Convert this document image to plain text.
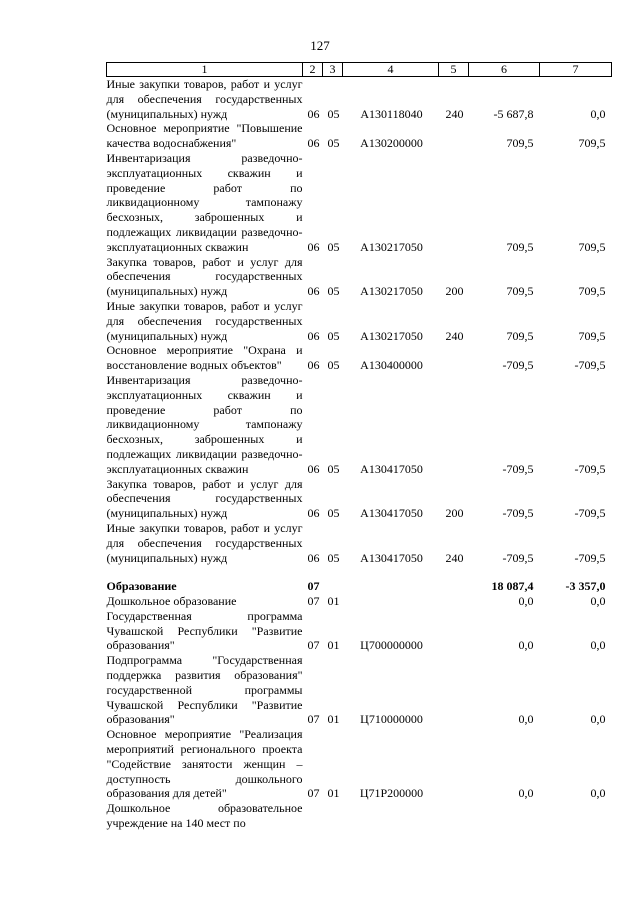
127
1	2	3	4	5	6	7
Иные закупки товаров, работ и услуг для обеспечения государственных (муниципальных) нужд	06	05	А130118040	240	-5 687,8	0,0
Основное мероприятие "Повышение качества водоснабжения"	06	05	А130200000		709,5	709,5
Инвентаризация разведочно-эксплуатационных скважин и проведение работ по ликвидационному тампонажу бесхозных, заброшенных и подлежащих ликвидации разведочно-эксплуатационных скважин	06	05	А130217050		709,5	709,5
Закупка товаров, работ и услуг для обеспечения государственных (муниципальных) нужд	06	05	А130217050	200	709,5	709,5
Иные закупки товаров, работ и услуг для обеспечения государственных (муниципальных) нужд	06	05	А130217050	240	709,5	709,5
Основное мероприятие "Охрана и восстановление водных объектов"	06	05	А130400000		-709,5	-709,5
Инвентаризация разведочно-эксплуатационных скважин и проведение работ по ликвидационному тампонажу бесхозных, заброшенных и подлежащих ликвидации разведочно-эксплуатационных скважин	06	05	А130417050		-709,5	-709,5
Закупка товаров, работ и услуг для обеспечения государственных (муниципальных) нужд	06	05	А130417050	200	-709,5	-709,5
Иные закупки товаров, работ и услуг для обеспечения государственных (муниципальных) нужд	06	05	А130417050	240	-709,5	-709,5

Образование	07				18 087,4	-3 357,0
Дошкольное образование	07	01			0,0	0,0
Государственная программа Чувашской Республики "Развитие образования"	07	01	Ц700000000		0,0	0,0
Подпрограмма "Государственная поддержка развития образования" государственной программы Чувашской Республики "Развитие образования"	07	01	Ц710000000		0,0	0,0
Основное мероприятие "Реализация мероприятий регионального проекта "Содействие занятости женщин – доступность дошкольного образования для детей"	07	01	Ц71Р200000		0,0	0,0
Дошкольное образовательное учреждение на 140 мест по						
